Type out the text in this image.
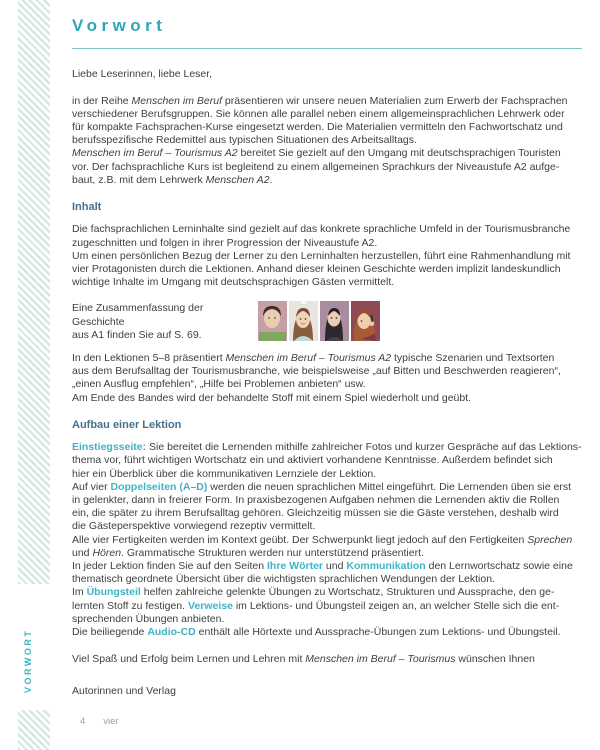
VORWORT
Vorwort

Liebe Leserinnen, liebe Leser,

in der Reihe Menschen im Beruf präsentieren wir unsere neuen Materialien zum Erwerb der Fachsprachen
verschiedener Berufsgruppen. Sie können alle parallel neben einem allgemeinsprachlichen Lehrwerk oder
für kompakte Fachsprachen-Kurse eingesetzt werden. Die Materialien vermitteln den Fachwortschatz und
berufsspezifische Redemittel aus typischen Situationen des Arbeitsalltags.
Menschen im Beruf – Tourismus A2 bereitet Sie gezielt auf den Umgang mit deutschsprachigen Touristen
vor. Der fachsprachliche Kurs ist begleitend zu einem allgemeinen Sprachkurs der Niveaustufe A2 aufge-
baut, z.B. mit dem Lehrwerk Menschen A2.

Inhalt

Die fachsprachlichen Lerninhalte sind gezielt auf das konkrete sprachliche Umfeld in der Tourismusbranche
zugeschnitten und folgen in ihrer Progression der Niveaustufe A2.
Um einen persönlichen Bezug der Lerner zu den Lerninhalten herzustellen, führt eine Rahmenhandlung mit
vier Protagonisten durch die Lektionen. Anhand dieser kleinen Geschichte werden implizit landeskundlich
wichtige Inhalte im Umgang mit deutschsprachigen Gästen vermittelt.

Eine Zusammenfassung der Geschichte
aus A1 finden Sie auf S. 69.

In den Lektionen 5–8 präsentiert Menschen im Beruf – Tourismus A2 typische Szenarien und Textsorten
aus dem Berufsalltag der Tourismusbranche, wie beispielsweise „auf Bitten und Beschwerden reagieren“,
„einen Ausflug empfehlen“, „Hilfe bei Problemen anbieten“ usw.
Am Ende des Bandes wird der behandelte Stoff mit einem Spiel wiederholt und geübt.

Aufbau einer Lektion

Einstiegsseite: Sie bereitet die Lernenden mithilfe zahlreicher Fotos und kurzer Gespräche auf das Lektions-
thema vor, führt wichtigen Wortschatz ein und aktiviert vorhandene Kenntnisse. Außerdem befindet sich
hier ein Überblick über die kommunikativen Lernziele der Lektion.
Auf vier Doppelseiten (A–D) werden die neuen sprachlichen Mittel eingeführt. Die Lernenden üben sie erst
in gelenkter, dann in freierer Form. In praxisbezogenen Aufgaben nehmen die Lernenden aktiv die Rollen
ein, die später zu ihrem Berufsalltag gehören. Gleichzeitig müssen sie die Gäste verstehen, deshalb wird
die Gästeperspektive vorwiegend rezeptiv vermittelt.
Alle vier Fertigkeiten werden im Kontext geübt. Der Schwerpunkt liegt jedoch auf den Fertigkeiten Sprechen
und Hören. Grammatische Strukturen werden nur unterstützend präsentiert.
In jeder Lektion finden Sie auf den Seiten Ihre Wörter und Kommunikation den Lernwortschatz sowie eine
thematisch geordnete Übersicht über die wichtigsten sprachlichen Wendungen der Lektion.
Im Übungsteil helfen zahlreiche gelenkte Übungen zu Wortschatz, Strukturen und Aussprache, den ge-
lernten Stoff zu festigen. Verweise im Lektions- und Übungsteil zeigen an, an welcher Stelle sich die ent-
sprechenden Übungen anbieten.
Die beiliegende Audio-CD enthält alle Hörtexte und Aussprache-Übungen zum Lektions- und Übungsteil.

Viel Spaß und Erfolg beim Lernen und Lehren mit Menschen im Beruf – Tourismus wünschen Ihnen

Autorinnen und Verlag

4 vier
